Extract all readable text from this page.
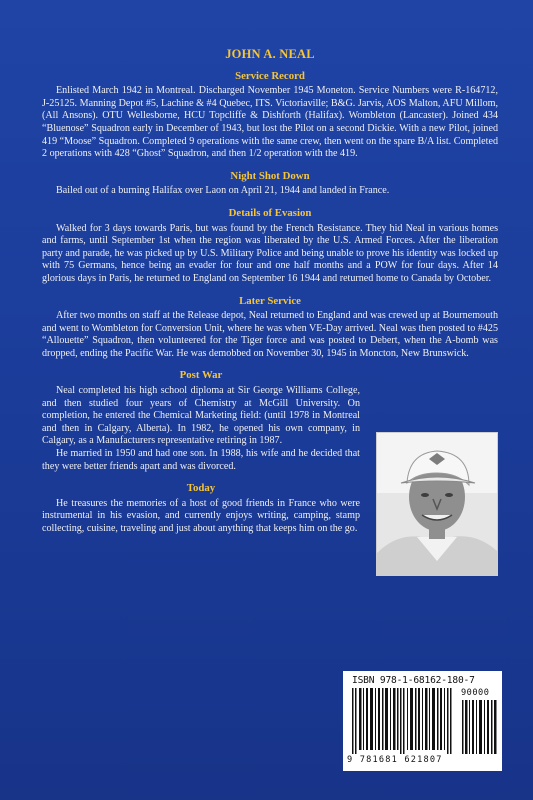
JOHN A. NEAL
Service Record

Enlisted March 1942 in Montreal. Discharged November 1945 Moneton. Service Numbers were R-164712, J-25125. Manning Depot #5, Lachine & #4 Quebec, ITS. Victoriaville; B&G. Jarvis, AOS Malton, AFU Millom, (All Ansons). OTU Wellesborne, HCU Topcliffe & Dishforth (Halifax). Wombleton (Lancaster). Joined 434 “Bluenose” Squadron early in December of 1943, but lost the Pilot on a second Dickie. With a new Pilot, joined 419 “Moose” Squadron. Completed 9 operations with the same crew, then went on the spare B/A list. Completed 2 operations with 428 “Ghost” Squadron, and then 1/2 operation with the 419.

Night Shot Down

Bailed out of a burning Halifax over Laon on April 21, 1944 and landed in France.

Details of Evasion

Walked for 3 days towards Paris, but was found by the French Resistance. They hid Neal in various homes and farms, until September 1st when the region was liberated by the U.S. Armed Forces. After the liberation party and parade, he was picked up by U.S. Military Police and being unable to prove his identity was locked up with 75 Germans, hence being an evader for four and one half months and a POW for four days. After 14 glorious days in Paris, he returned to England on September 16 1944 and returned home to Canada by October.

Later Service

After two months on staff at the Release depot, Neal returned to England and was crewed up at Bournemouth and went to Wombleton for Conversion Unit, where he was when VE-Day arrived. Neal was then posted to #425 “Allouette” Squadron, then volunteered for the Tiger force and was posted to Debert, when the A-bomb was dropped, ending the Pacific War. He was demobbed on November 30, 1945 in Moncton, New Brunswick.

Post War

Neal completed his high school diploma at Sir George Williams College, and then studied four years of Chemistry at McGill University. On completion, he entered the Chemical Marketing field: (until 1978 in Montreal and then in Calgary, Alberta). In 1982, he opened his own company, in Calgary, as a Manufacturers representative retiring in 1987.

He married in 1950 and had one son. In 1988, his wife and he decided that they were better friends apart and was divorced.

Today

He treasures the memories of a host of good friends in France who were instrumental in his evasion, and currently enjoys writing, camping, stamp collecting, cuisine, traveling and just about anything that keeps him on the go.

ISBN 978-1-68162-180-7
90000
9 781681 621807
